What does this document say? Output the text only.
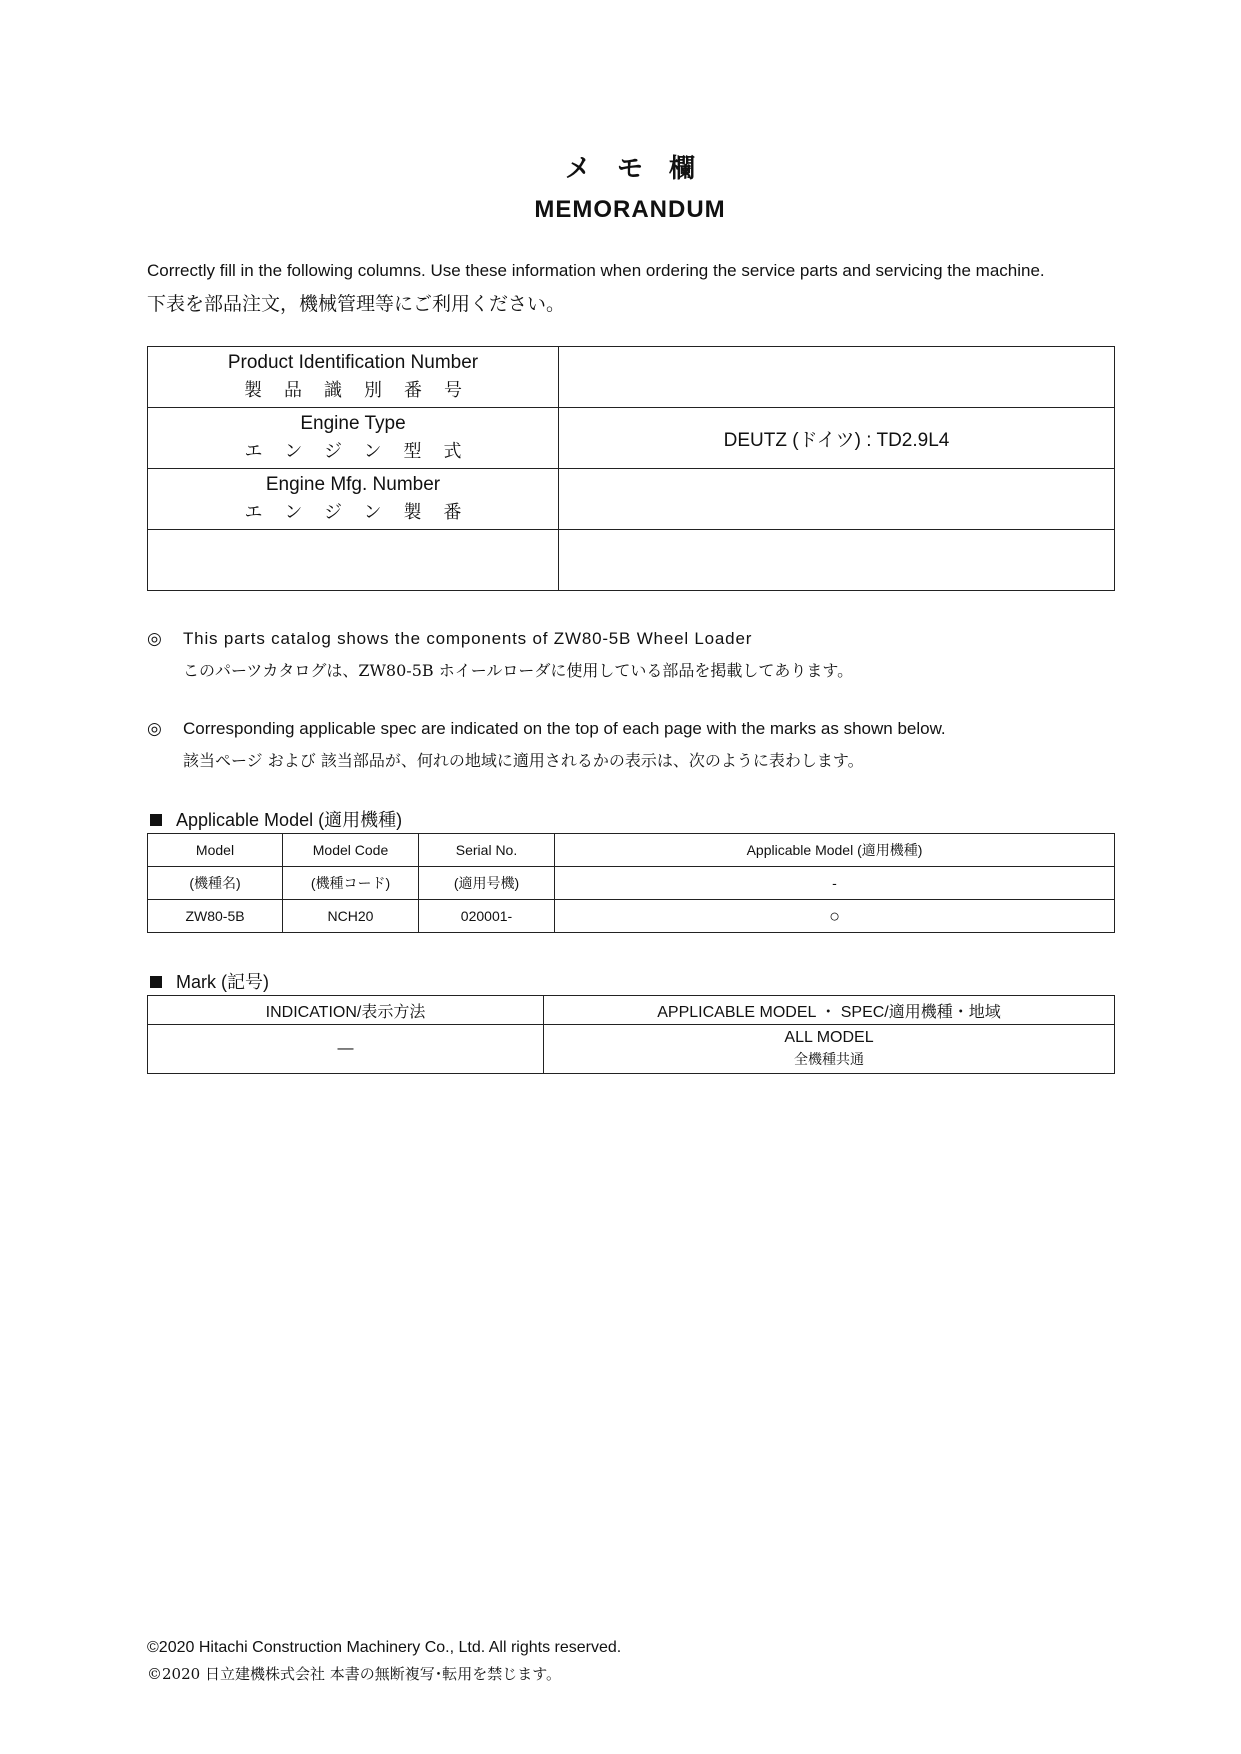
メ　モ　欄
MEMORANDUM
Correctly fill in the following columns. Use these information when ordering the service parts and servicing the machine.
下表を部品注文，機械管理等にご利用ください。
Product Identification Number
製品識別番号	

Engine Type
エンジン型式	DEUTZ (ドイツ) : TD2.9L4

Engine Mfg. Number
エンジン製番	

◎ This parts catalog shows the components of ZW80-5B Wheel Loader
このパーツカタログは、ZW80-5B ホイールローダに使用している部品を掲載してあります。
◎ Corresponding applicable spec are indicated on the top of each page with the marks as shown below.
該当ページ および 該当部品が、何れの地域に適用されるかの表示は、次のように表わします。
Applicable Model (適用機種)
Model	Model Code	Serial No.	Applicable Model (適用機種)
(機種名)	(機種コード)	(適用号機)	-
ZW80-5B	NCH20	020001-	○
Mark (記号)
INDICATION/表示方法	APPLICABLE MODEL ・ SPEC/適用機種・地域
—	ALL MODEL
全機種共通
©2020 Hitachi Construction Machinery Co., Ltd. All rights reserved.
©2020 日立建機株式会社 本書の無断複写･転用を禁じます。
